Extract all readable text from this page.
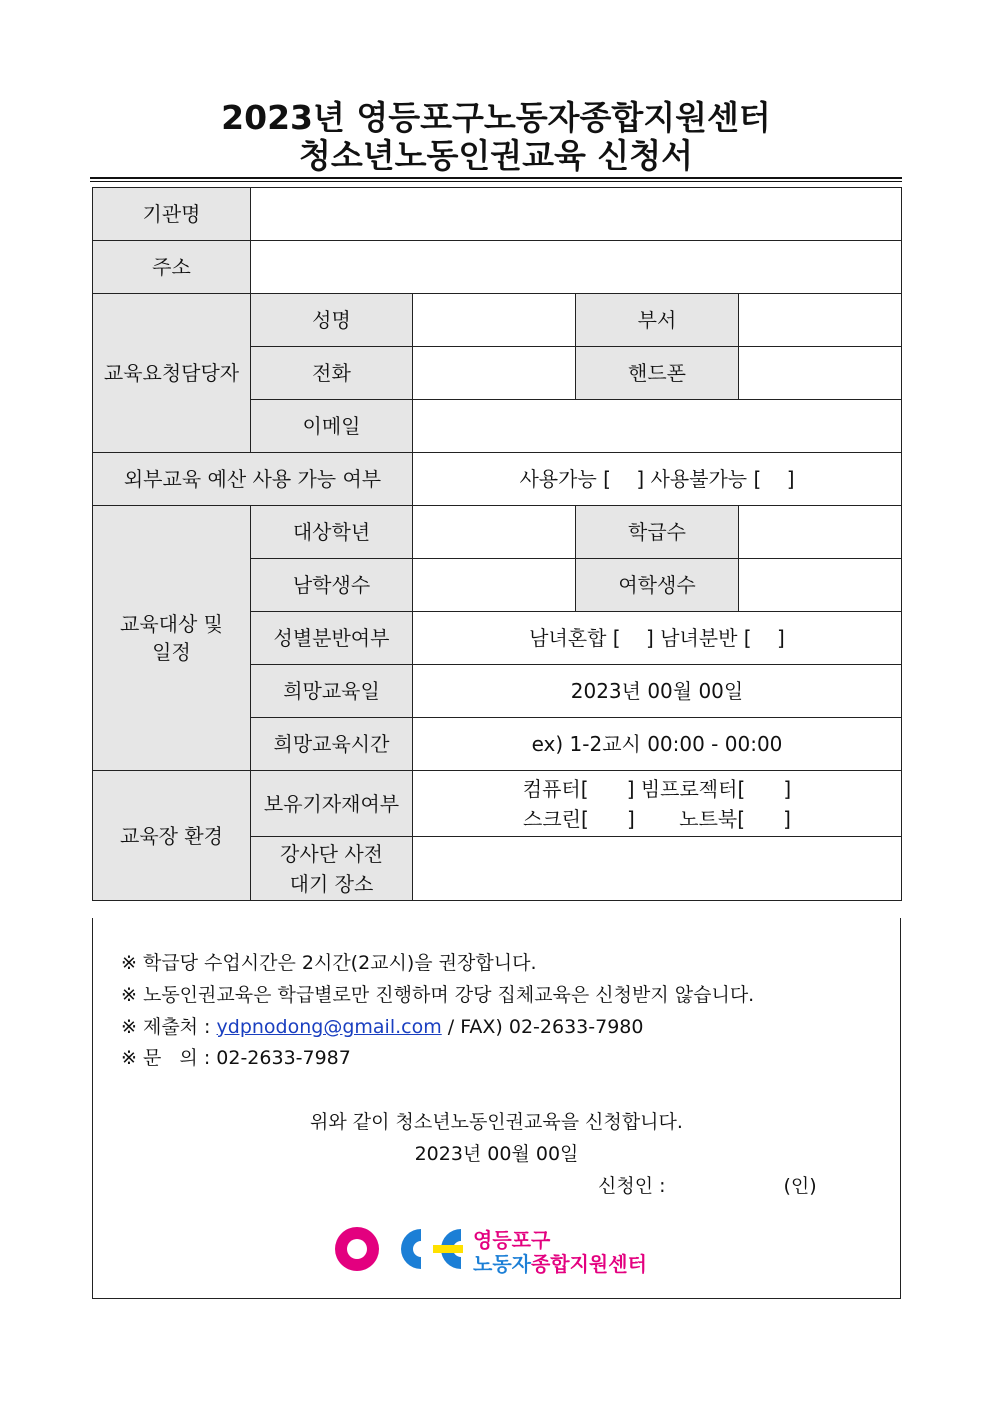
2023년 영등포구노동자종합지원센터
청소년노동인권교육 신청서
기관명				
주소				
교육요청담당자	성명		부서	
	전화		핸드폰	
	이메일			
외부교육 예산 사용 가능 여부		사용가능 [    ] 사용불가능 [    ]		
교육대상 및
일정	대상학년		학급수	
	남학생수		여학생수	
	성별분반여부	남녀혼합 [    ] 남녀분반 [    ]		
	희망교육일	2023년 00월 00일		
	희망교육시간	ex) 1-2교시 00:00 - 00:00		
교육장 환경	보유기자재여부	컴퓨터[      ] 빔프로젝터[      ]
스크린[      ]       노트북[      ]		
	강사단 사전
대기 장소			
※ 학급당 수업시간은 2시간(2교시)을 권장합니다.
※ 노동인권교육은 학급별로만 진행하며 강당 집체교육은 신청받지 않습니다.
※ 제출처 : ydpnodong@gmail.com / FAX) 02-2633-7980
※ 문   의 : 02-2633-7987
위와 같이 청소년노동인권교육을 신청합니다.
2023년 00월 00일
신청인 :	(인)
영등포구
노동자종합지원센터
